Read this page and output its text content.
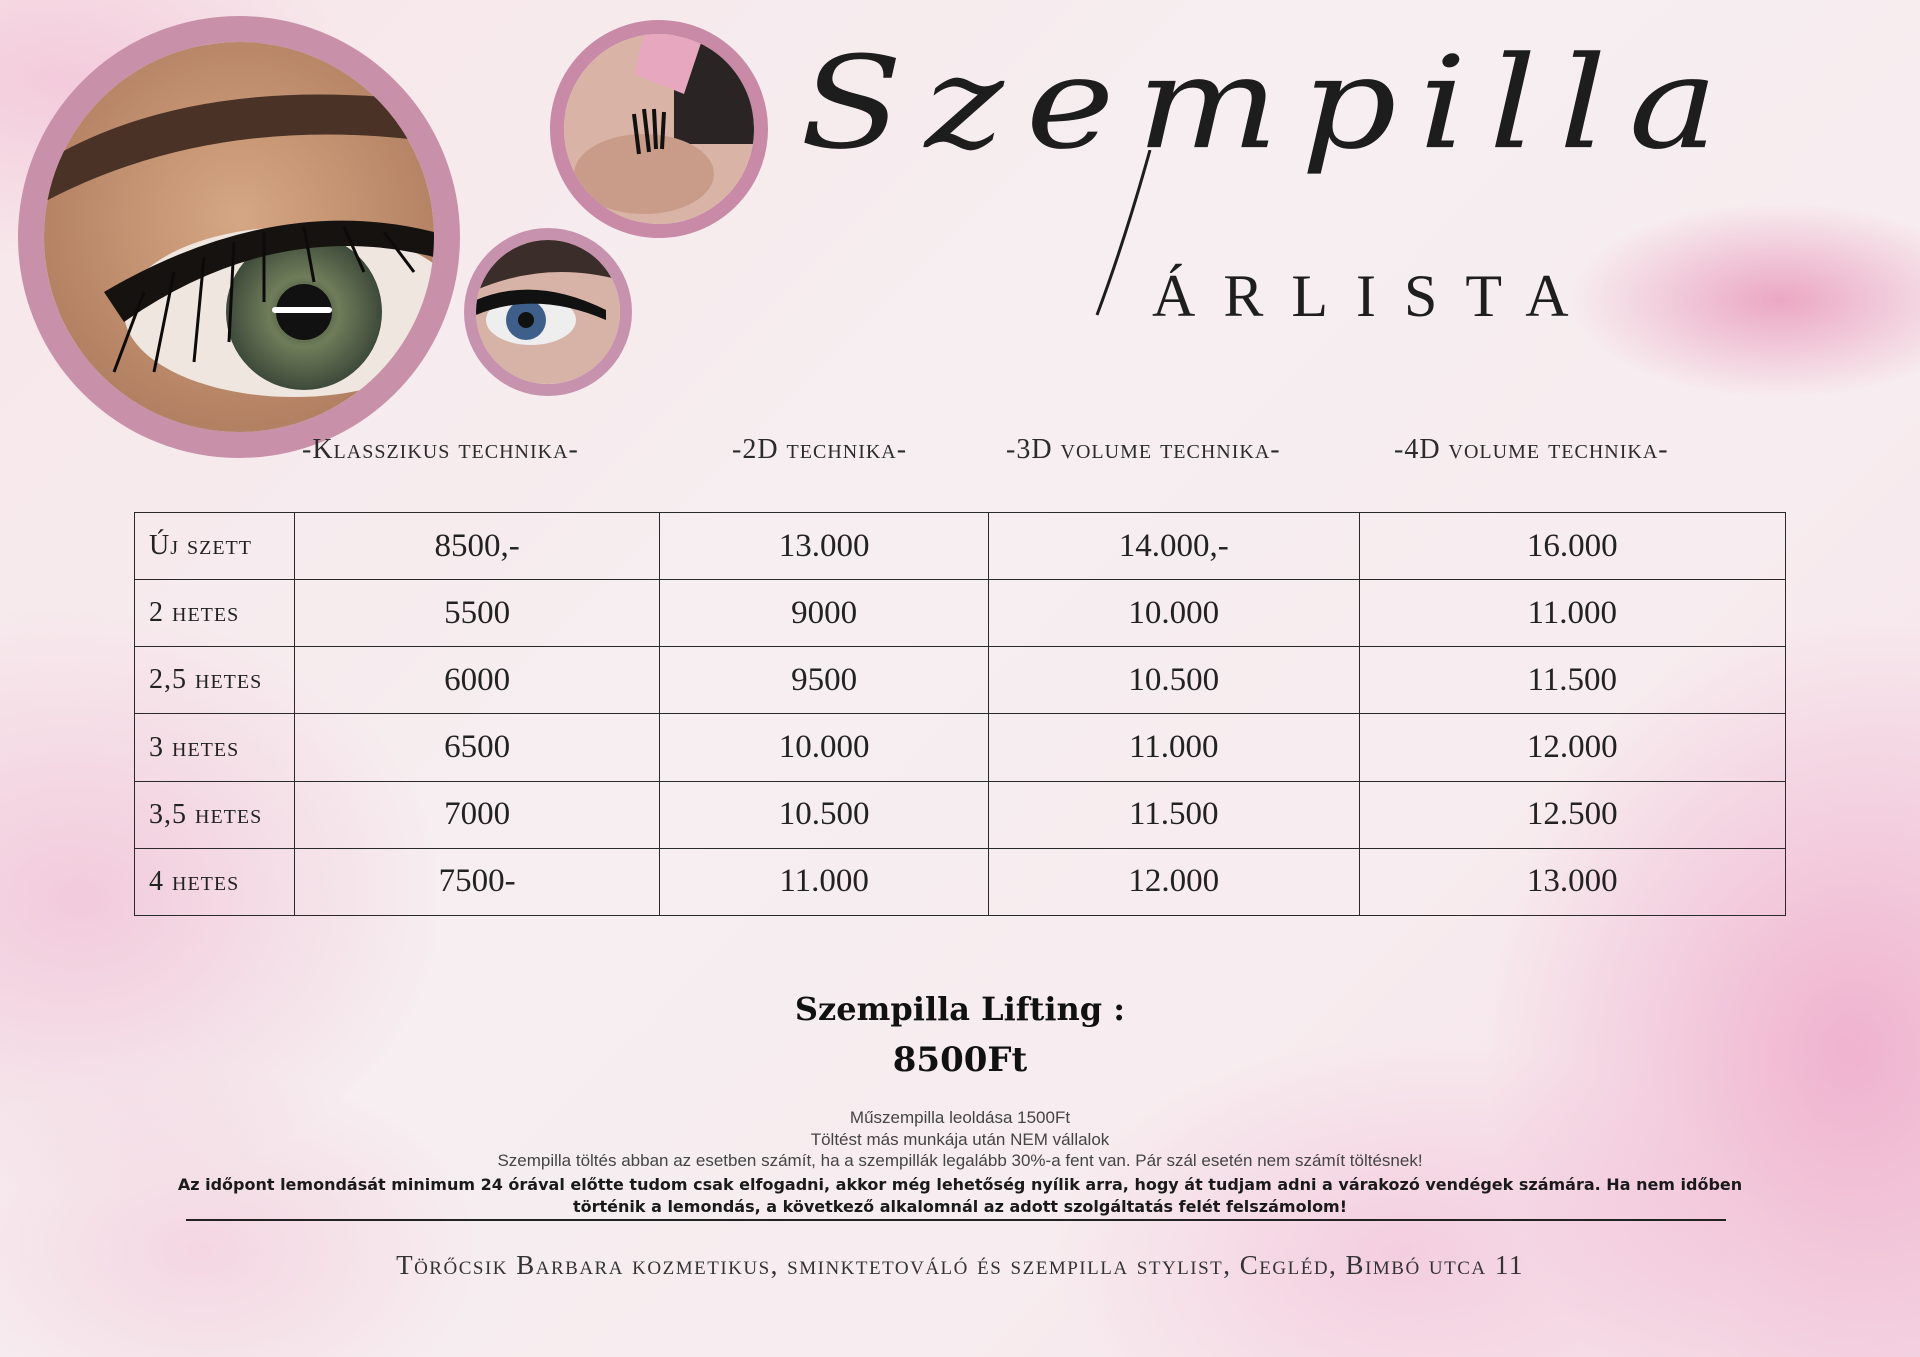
Szempilla
ÁRLISTA
-Klasszikus technika-	-2D technika-	-3D volume technika-	-4D volume technika-
Új szett	8500,-	13.000	14.000,-	16.000
2 hetes	5500	9000	10.000	11.000
2,5 hetes	6000	9500	10.500	11.500
3 hetes	6500	10.000	11.000	12.000
3,5 hetes	7000	10.500	11.500	12.500
4 hetes	7500-	11.000	12.000	13.000
Szempilla Lifting :
8500Ft
Műszempilla leoldása 1500Ft
Töltést más munkája után NEM vállalok
Szempilla töltés abban az esetben számít, ha a szempillák legalább 30%-a fent van. Pár szál esetén nem számít töltésnek!
Az időpont lemondását minimum 24 órával előtte tudom csak elfogadni, akkor még lehetőség nyílik arra, hogy át tudjam adni a várakozó vendégek számára. Ha nem időben történik a lemondás, a következő alkalomnál az adott szolgáltatás felét felszámolom!
Törőcsik Barbara kozmetikus, sminktetováló és szempilla stylist, Cegléd, Bimbó utca 11
